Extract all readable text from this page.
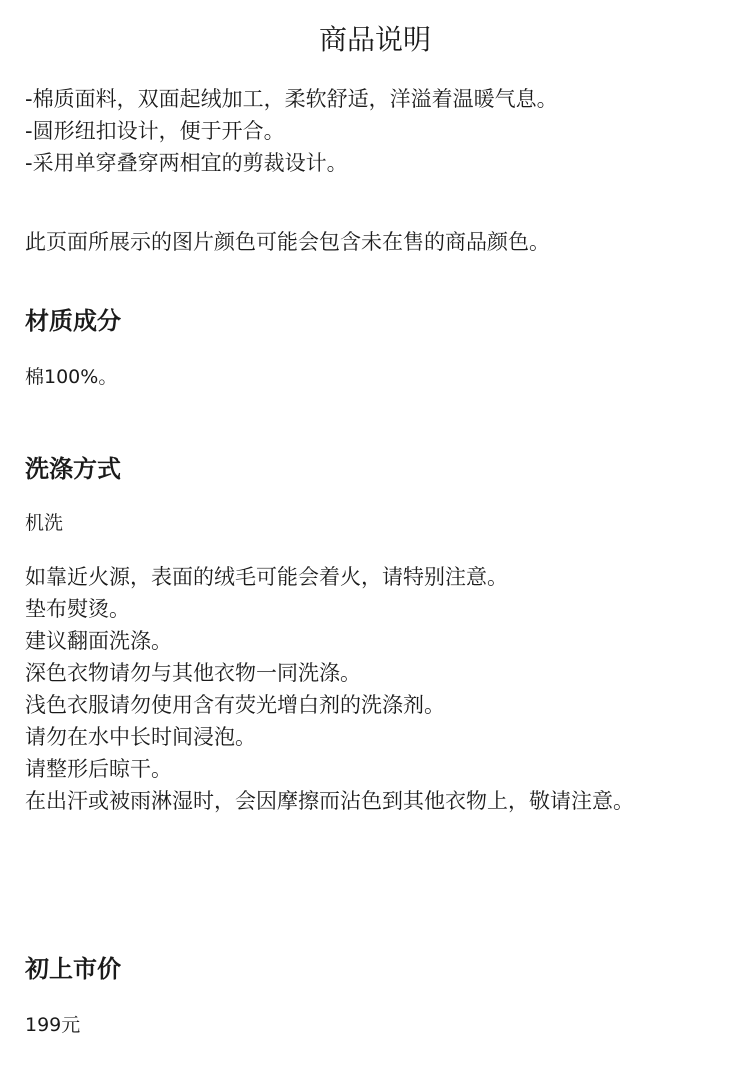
商品说明

-棉质面料，双面起绒加工，柔软舒适，洋溢着温暖气息。

-圆形纽扣设计，便于开合。

-采用单穿叠穿两相宜的剪裁设计。

此页面所展示的图片颜色可能会包含未在售的商品颜色。

材质成分

棉100%。

洗涤方式

机洗

如靠近火源，表面的绒毛可能会着火，请特别注意。

垫布熨烫。

建议翻面洗涤。

深色衣物请勿与其他衣物一同洗涤。

浅色衣服请勿使用含有荧光增白剂的洗涤剂。

请勿在水中长时间浸泡。

请整形后晾干。

在出汗或被雨淋湿时，会因摩擦而沾色到其他衣物上，敬请注意。

初上市价

199元
